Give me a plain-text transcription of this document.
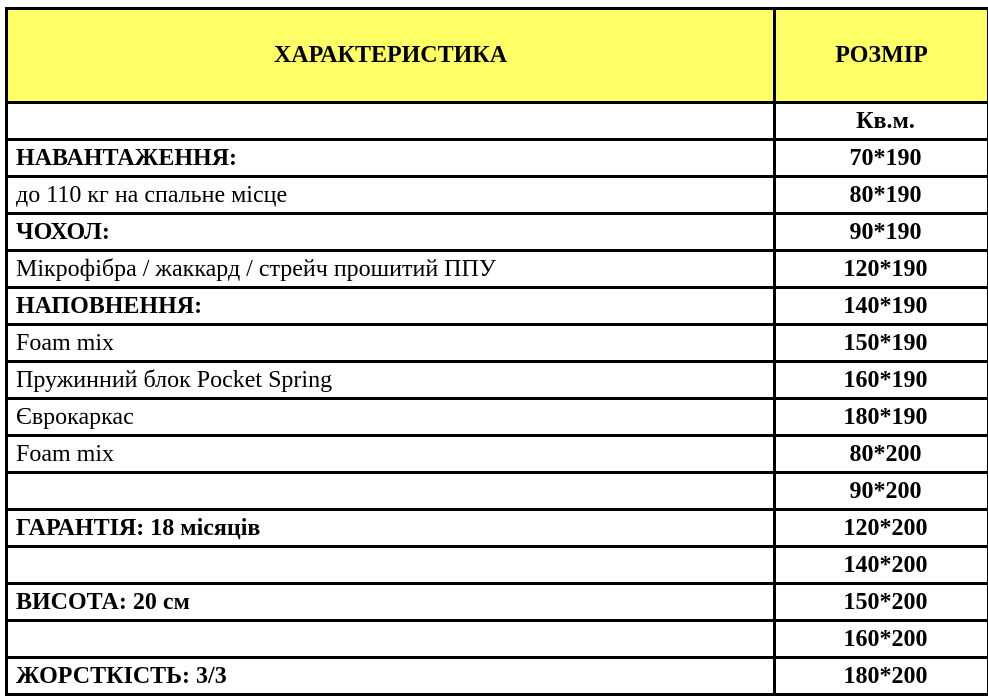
ХАРАКТЕРИСТИКА	РОЗМІР
	Кв.м.
НАВАНТАЖЕННЯ:	70*190
до 110 кг на спальне місце	80*190
ЧОХОЛ:	90*190
Мікрофібра / жаккард / стрейч прошитий ППУ	120*190
НАПОВНЕННЯ:	140*190
Foam mix	150*190
Пружинний блок Pocket Spring	160*190
Єврокаркас	180*190
Foam mix	80*200
	90*200
ГАРАНТІЯ: 18 місяців	120*200
	140*200
ВИСОТА: 20 см	150*200
	160*200
ЖОРСТКІСТЬ: 3/3	180*200
